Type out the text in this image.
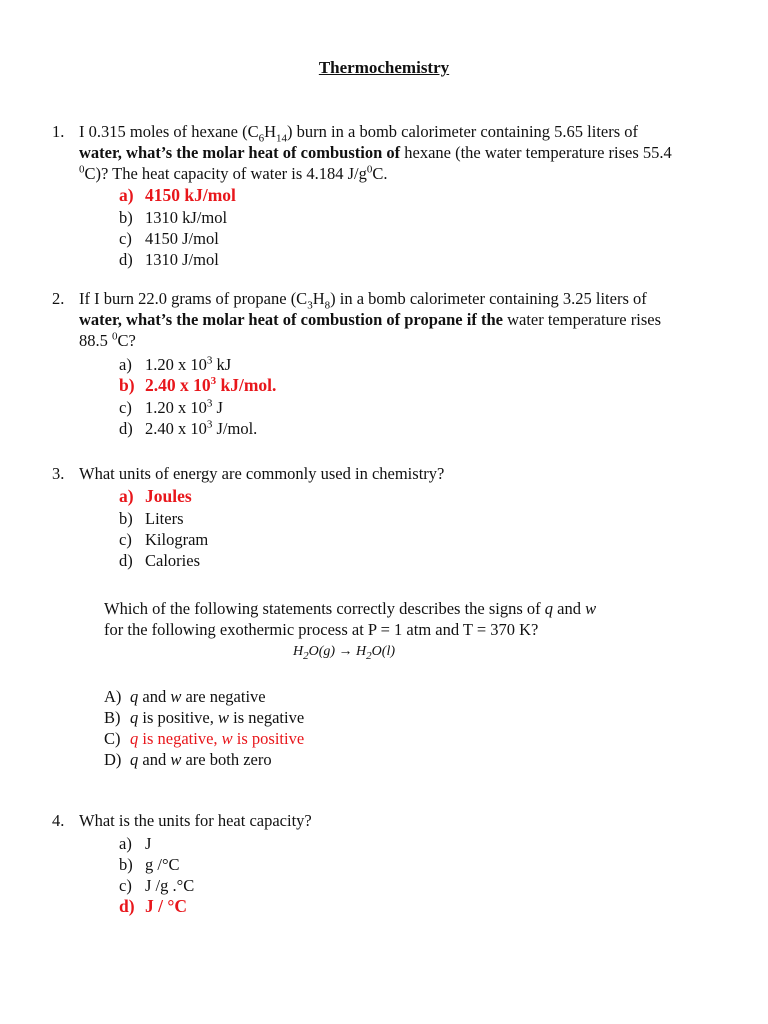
Thermochemistry
1. I 0.315 moles of hexane $(C_6H_{14})$ burn in a bomb calorimeter containing 5.65 liters of
water, what’s the molar heat of combustion of hexane (the water temperature rises 55.4
$^0$C)? The heat capacity of water is 4.184 $J/g^0C$.
a) 4150 kJ/mol
b) 1310 kJ/mol
c) 4150 J/mol
d) 1310 J/mol
2. If I burn 22.0 grams of propane $(C_3H_8)$ in a bomb calorimeter containing 3.25 liters of
water, what’s the molar heat of combustion of propane if the water temperature rises
88.5 $^0$C?
a) 1.20 x $10^3$ kJ
b) 2.40 x $10^3$ kJ/mol.
c) 1.20 x $10^3$ J
d) 2.40 x $10^3$ J/mol.
3. What units of energy are commonly used in chemistry?
a) Joules
b) Liters
c) Kilogram
d) Calories
Which of the following statements correctly describes the signs of q and w
for the following exothermic process at P = 1 atm and T = 370 K?
$H_2O(g) \to H_2O(l)$
A) q and w are negative
B) q is positive, w is negative
C) q is negative, w is positive
D) q and w are both zero
4. What is the units for heat capacity?
a) J
b) g /°C
c) J /g .°C
d) J / °C
